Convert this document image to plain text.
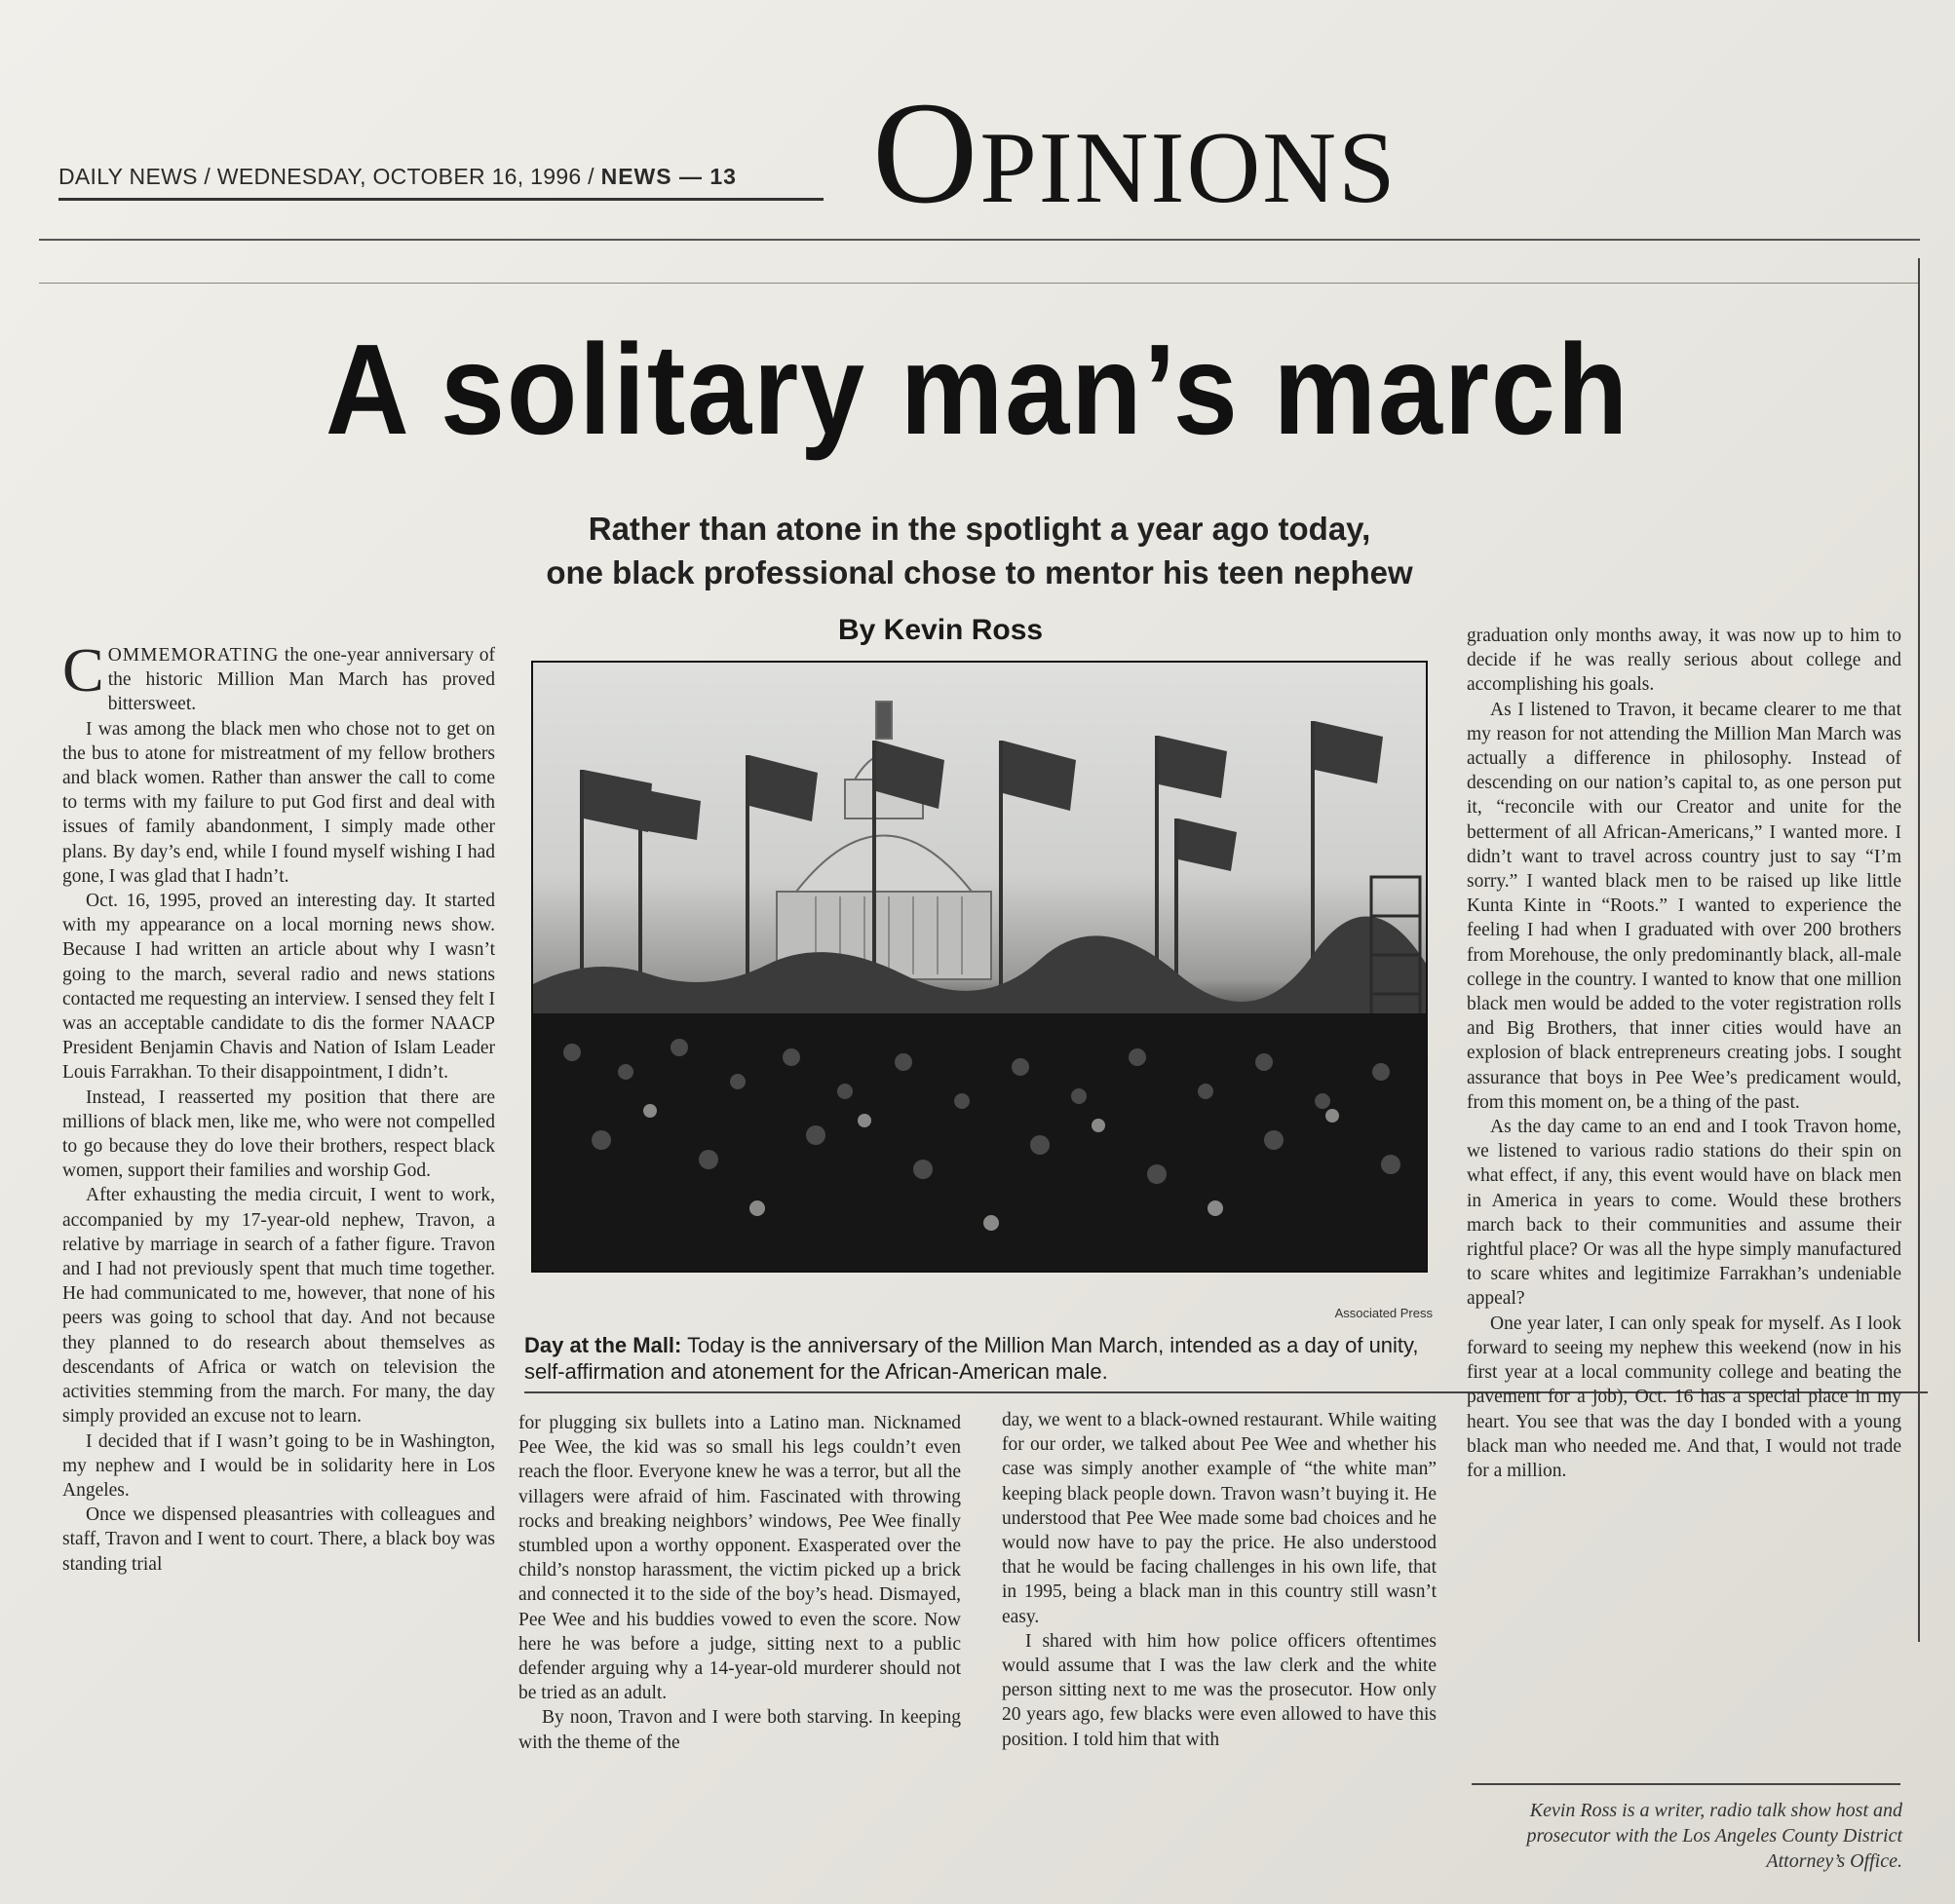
DAILY NEWS / WEDNESDAY, OCTOBER 16, 1996 / NEWS — 13 Opinions
A solitary man’s march
Rather than atone in the spotlight a year ago today,
one black professional chose to mentor his teen nephew
By Kevin Ross

COMMEMORATING the one-year anniversary of the historic Million Man March has proved bittersweet.

I was among the black men who chose not to get on the bus to atone for mistreatment of my fellow brothers and black women. Rather than answer the call to come to terms with my failure to put God first and deal with issues of family abandonment, I simply made other plans. By day’s end, while I found myself wishing I had gone, I was glad that I hadn’t.

Oct. 16, 1995, proved an interesting day. It started with my appearance on a local morning news show. Because I had written an article about why I wasn’t going to the march, several radio and news stations contacted me requesting an interview. I sensed they felt I was an acceptable candidate to dis the former NAACP President Benjamin Chavis and Nation of Islam Leader Louis Farrakhan. To their disappointment, I didn’t.

Instead, I reasserted my position that there are millions of black men, like me, who were not compelled to go because they do love their brothers, respect black women, support their families and worship God.

After exhausting the media circuit, I went to work, accompanied by my 17-year-old nephew, Travon, a relative by marriage in search of a father figure. Travon and I had not previously spent that much time together. He had communicated to me, however, that none of his peers was going to school that day. And not because they planned to do research about themselves as descendants of Africa or watch on television the activities stemming from the march. For many, the day simply provided an excuse not to learn.

I decided that if I wasn’t going to be in Washington, my nephew and I would be in solidarity here in Los Angeles.

Once we dispensed pleasantries with colleagues and staff, Travon and I went to court. There, a black boy was standing trial

Associated Press
Day at the Mall: Today is the anniversary of the Million Man March, intended as a day of unity, self-affirmation and atonement for the African-American male.

for plugging six bullets into a Latino man. Nicknamed Pee Wee, the kid was so small his legs couldn’t even reach the floor. Everyone knew he was a terror, but all the villagers were afraid of him. Fascinated with throwing rocks and breaking neighbors’ windows, Pee Wee finally stumbled upon a worthy opponent. Exasperated over the child’s nonstop harassment, the victim picked up a brick and connected it to the side of the boy’s head. Dismayed, Pee Wee and his buddies vowed to even the score. Now here he was before a judge, sitting next to a public defender arguing why a 14-year-old murderer should not be tried as an adult.

By noon, Travon and I were both starving. In keeping with the theme of the

day, we went to a black-owned restaurant. While waiting for our order, we talked about Pee Wee and whether his case was simply another example of “the white man” keeping black people down. Travon wasn’t buying it. He understood that Pee Wee made some bad choices and he would now have to pay the price. He also understood that he would be facing challenges in his own life, that in 1995, being a black man in this country still wasn’t easy.

I shared with him how police officers oftentimes would assume that I was the law clerk and the white person sitting next to me was the prosecutor. How only 20 years ago, few blacks were even allowed to have this position. I told him that with

graduation only months away, it was now up to him to decide if he was really serious about college and accomplishing his goals.

As I listened to Travon, it became clearer to me that my reason for not attending the Million Man March was actually a difference in philosophy. Instead of descending on our nation’s capital to, as one person put it, “reconcile with our Creator and unite for the betterment of all African-Americans,” I wanted more. I didn’t want to travel across country just to say “I’m sorry.” I wanted black men to be raised up like little Kunta Kinte in “Roots.” I wanted to experience the feeling I had when I graduated with over 200 brothers from Morehouse, the only predominantly black, all-male college in the country. I wanted to know that one million black men would be added to the voter registration rolls and Big Brothers, that inner cities would have an explosion of black entrepreneurs creating jobs. I sought assurance that boys in Pee Wee’s predicament would, from this moment on, be a thing of the past.

As the day came to an end and I took Travon home, we listened to various radio stations do their spin on what effect, if any, this event would have on black men in America in years to come. Would these brothers march back to their communities and assume their rightful place? Or was all the hype simply manufactured to scare whites and legitimize Farrakhan’s undeniable appeal?

One year later, I can only speak for myself. As I look forward to seeing my nephew this weekend (now in his first year at a local community college and beating the pavement for a job), Oct. 16 has a special place in my heart. You see that was the day I bonded with a young black man who needed me. And that, I would not trade for a million.

Kevin Ross is a writer, radio talk show host and prosecutor with the Los Angeles County District Attorney’s Office.
